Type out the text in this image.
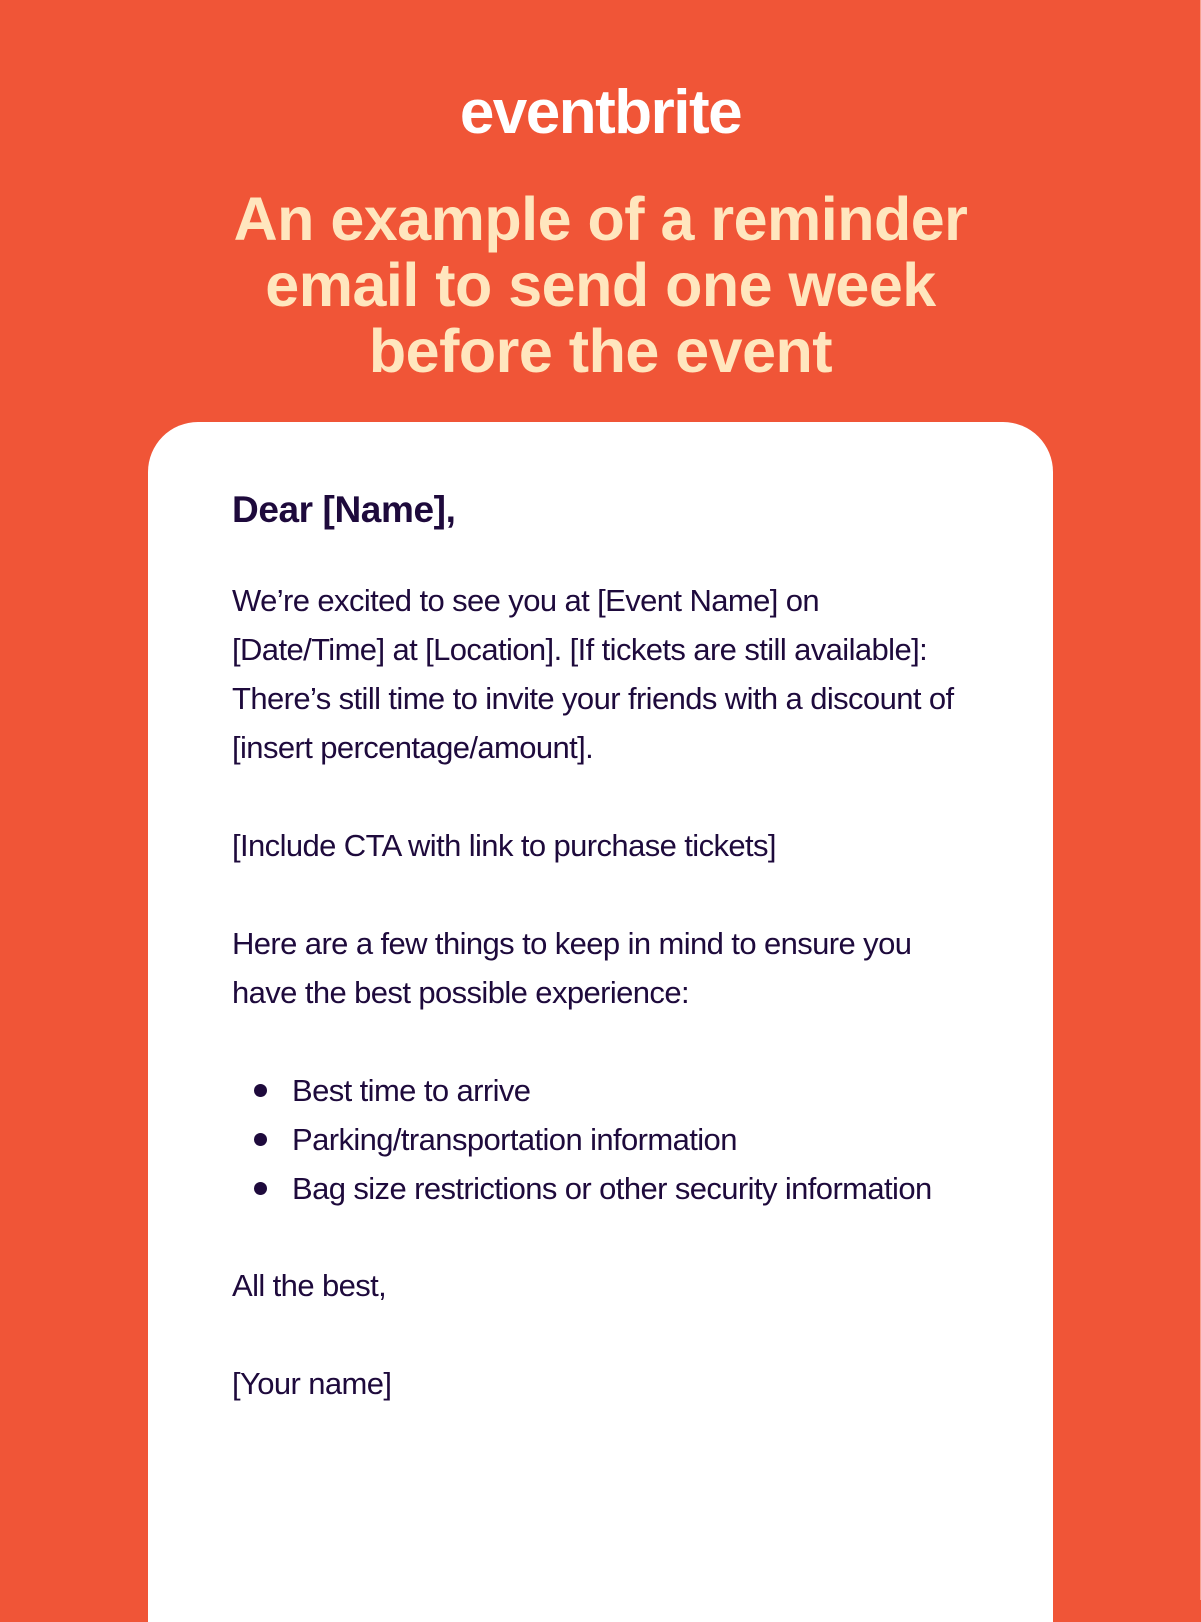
eventbrite
An example of a reminder
email to send one week
before the event

Dear [Name],

We’re excited to see you at [Event Name] on [Date/Time] at [Location]. [If tickets are still available]: There’s still time to invite your friends with a discount of [insert percentage/amount].

[Include CTA with link to purchase tickets]

Here are a few things to keep in mind to ensure you have the best possible experience:

Best time to arrive
Parking/transportation information
Bag size restrictions or other security information

All the best,

[Your name]
